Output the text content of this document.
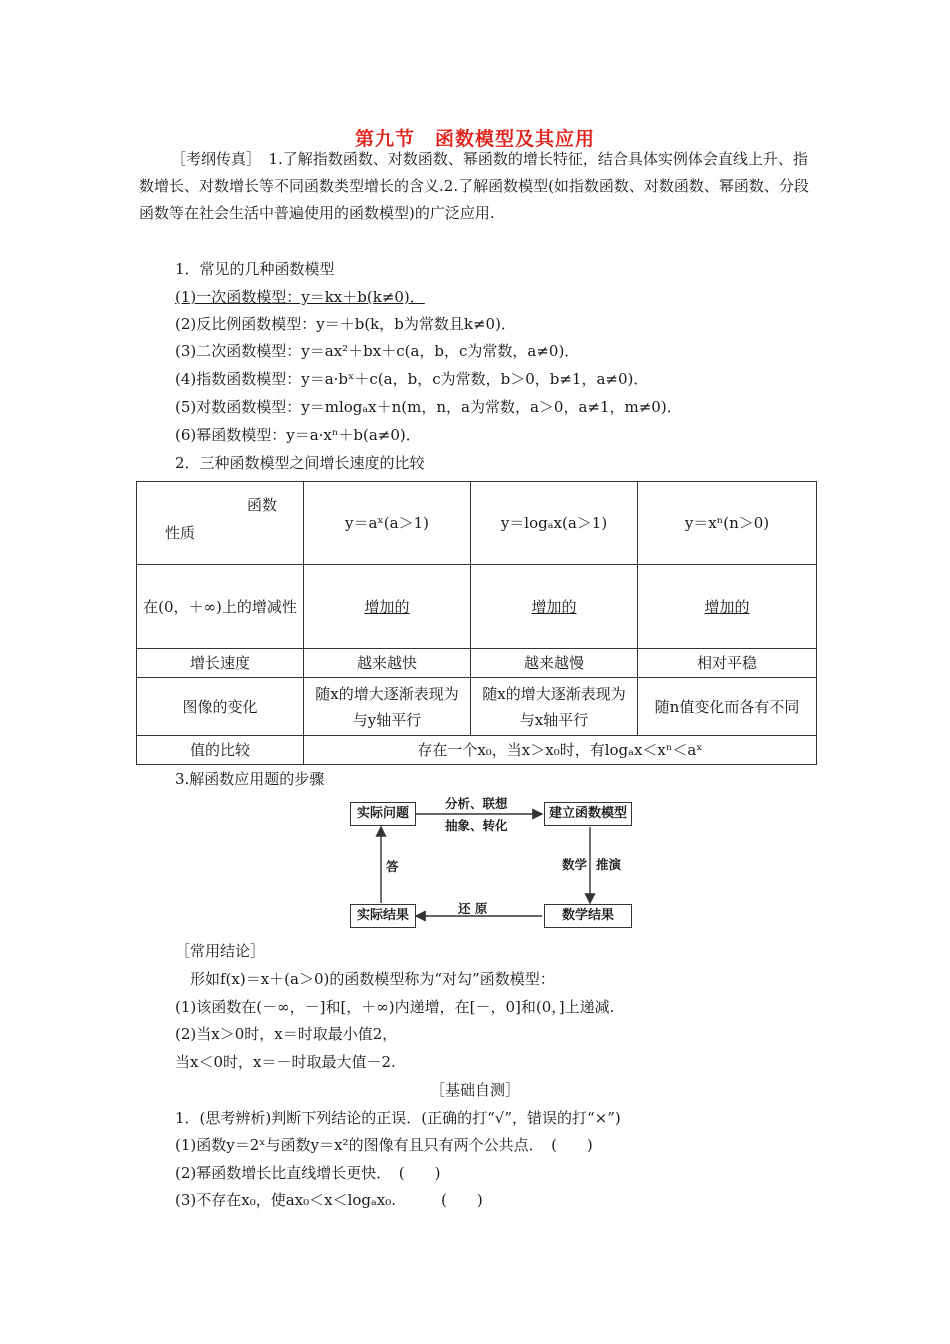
第九节　函数模型及其应用
［考纲传真］　1.了解指数函数、对数函数、幂函数的增长特征，结合具体实例体会直线上升、指数增长、对数增长等不同函数类型增长的含义.2.了解函数模型(如指数函数、对数函数、幂函数、分段函数等在社会生活中普遍使用的函数模型)的广泛应用.
1．常见的几种函数模型
(1)一次函数模型：y＝kx＋b(k≠0)．
(2)反比例函数模型：y＝＋b(k，b为常数且k≠0)．
(3)二次函数模型：y＝ax²＋bx＋c(a，b，c为常数，a≠0)．
(4)指数函数模型：y＝a·bˣ＋c(a，b，c为常数，b＞0，b≠1，a≠0)．
(5)对数函数模型：y＝mlogₐx＋n(m，n，a为常数，a＞0，a≠1，m≠0)．
(6)幂函数模型：y＝a·xⁿ＋b(a≠0)．
2．三种函数模型之间增长速度的比较
函数
性质	y＝aˣ(a＞1)	y＝logₐx(a＞1)	y＝xⁿ(n＞0)
在(0，＋∞)上的增减性	增加的	增加的	增加的
增长速度	越来越快	越来越慢	相对平稳
图像的变化	随x的增大逐渐表现为与y轴平行	随x的增大逐渐表现为与x轴平行	随n值变化而各有不同
值的比较	存在一个x₀，当x＞x₀时，有logₐx＜xⁿ＜aˣ		
3.解函数应用题的步骤
实际问题	建立函数模型
数学结果
实际结果
分析、联想
抽象、转化
数学 推演
还 原
答
［常用结论］
形如f(x)＝x＋(a＞0)的函数模型称为“对勾”函数模型：
(1)该函数在(－∞，－]和[，＋∞)内递增，在[－，0]和(0，]上递减.
(2)当x＞0时，x＝时取最小值2，
当x＜0时，x＝－时取最大值－2.
［基础自测］
1．(思考辨析)判断下列结论的正误．(正确的打“√”，错误的打“×”)
(1)函数y＝2ˣ与函数y＝x²的图像有且只有两个公共点．　(　　)
(2)幂函数增长比直线增长更快．　(　　)
(3)不存在x₀，使ax₀＜x＜logₐx₀.　　　(　　)
